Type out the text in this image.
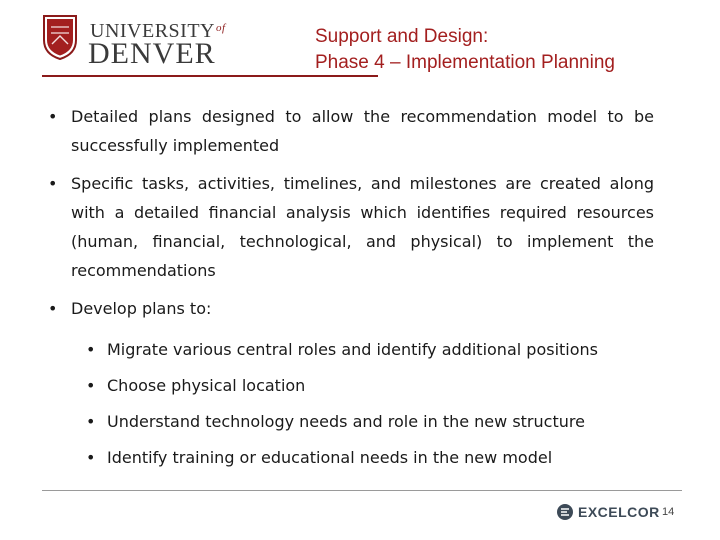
$UNIVERSITY^{of}$
DENVER
Support and Design:
Phase 4 – Implementation Planning
• Detailed plans designed to allow the recommendation model to be successfully implemented
• Specific tasks, activities, timelines, and milestones are created along with a detailed financial analysis which identifies required resources (human, financial, technological, and physical) to implement the recommendations
• Develop plans to:
• Migrate various central roles and identify additional positions
• Choose physical location
• Understand technology needs and role in the new structure
• Identify training or educational needs in the new model
EXCELCOR 14
